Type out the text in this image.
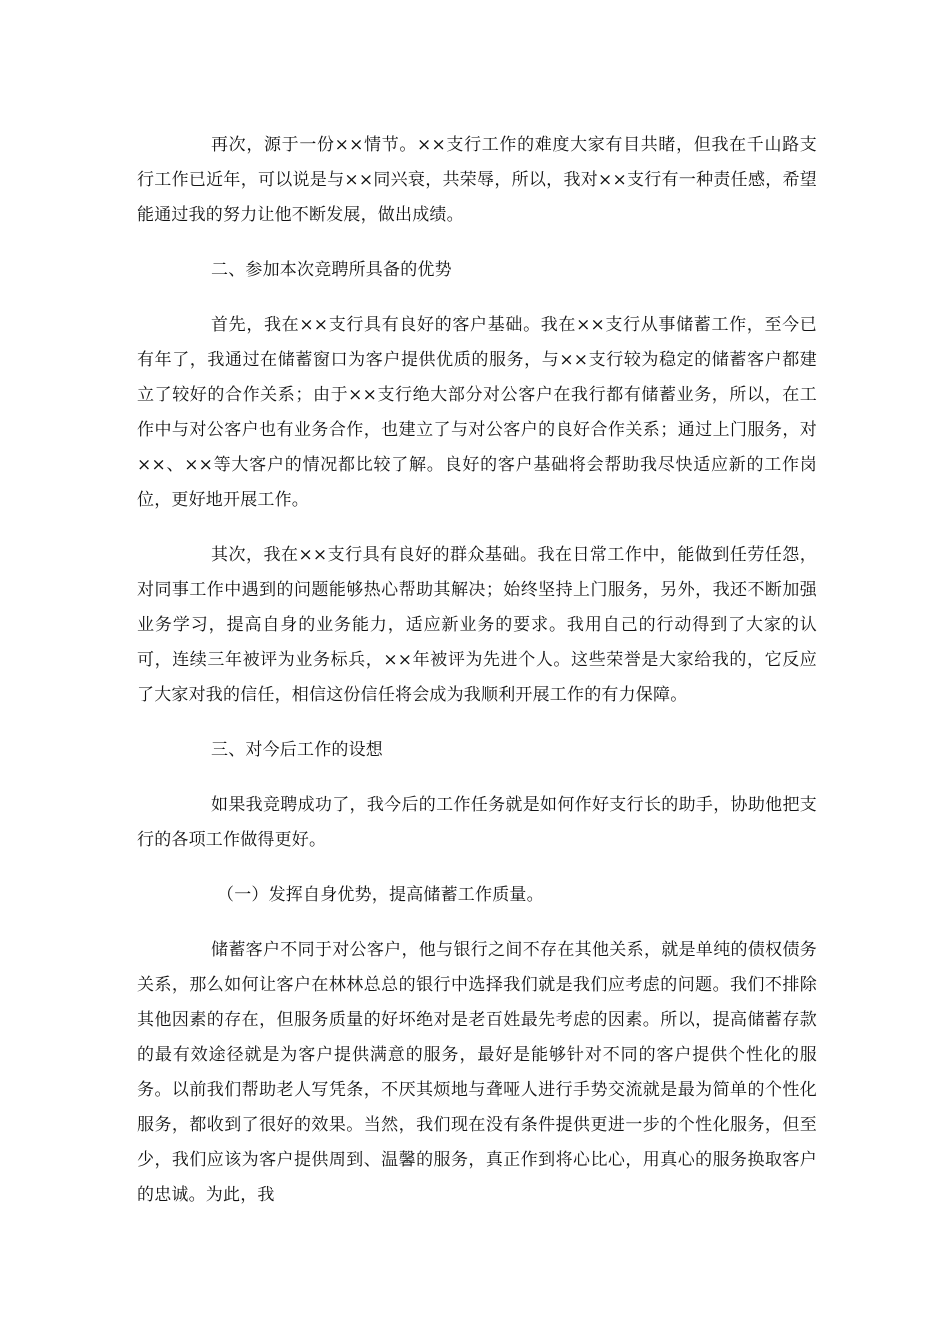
再次，源于一份××情节。××支行工作的难度大家有目共睹，但我在千山路支行工作已近年，可以说是与××同兴衰，共荣辱，所以，我对××支行有一种责任感，希望能通过我的努力让他不断发展，做出成绩。

二、参加本次竞聘所具备的优势

首先，我在××支行具有良好的客户基础。我在××支行从事储蓄工作，至今已有年了，我通过在储蓄窗口为客户提供优质的服务，与××支行较为稳定的储蓄客户都建立了较好的合作关系；由于××支行绝大部分对公客户在我行都有储蓄业务，所以，在工作中与对公客户也有业务合作，也建立了与对公客户的良好合作关系；通过上门服务，对××、××等大客户的情况都比较了解。良好的客户基础将会帮助我尽快适应新的工作岗位，更好地开展工作。

其次，我在××支行具有良好的群众基础。我在日常工作中，能做到任劳任怨，对同事工作中遇到的问题能够热心帮助其解决；始终坚持上门服务，另外，我还不断加强业务学习，提高自身的业务能力，适应新业务的要求。我用自己的行动得到了大家的认可，连续三年被评为业务标兵，××年被评为先进个人。这些荣誉是大家给我的，它反应了大家对我的信任，相信这份信任将会成为我顺利开展工作的有力保障。

三、对今后工作的设想

如果我竞聘成功了，我今后的工作任务就是如何作好支行长的助手，协助他把支行的各项工作做得更好。

（一）发挥自身优势，提高储蓄工作质量。

储蓄客户不同于对公客户，他与银行之间不存在其他关系，就是单纯的债权债务关系，那么如何让客户在林林总总的银行中选择我们就是我们应考虑的问题。我们不排除其他因素的存在，但服务质量的好坏绝对是老百姓最先考虑的因素。所以，提高储蓄存款的最有效途径就是为客户提供满意的服务，最好是能够针对不同的客户提供个性化的服务。以前我们帮助老人写凭条，不厌其烦地与聋哑人进行手势交流就是最为简单的个性化服务，都收到了很好的效果。当然，我们现在没有条件提供更进一步的个性化服务，但至少，我们应该为客户提供周到、温馨的服务，真正作到将心比心，用真心的服务换取客户的忠诚。为此，我
